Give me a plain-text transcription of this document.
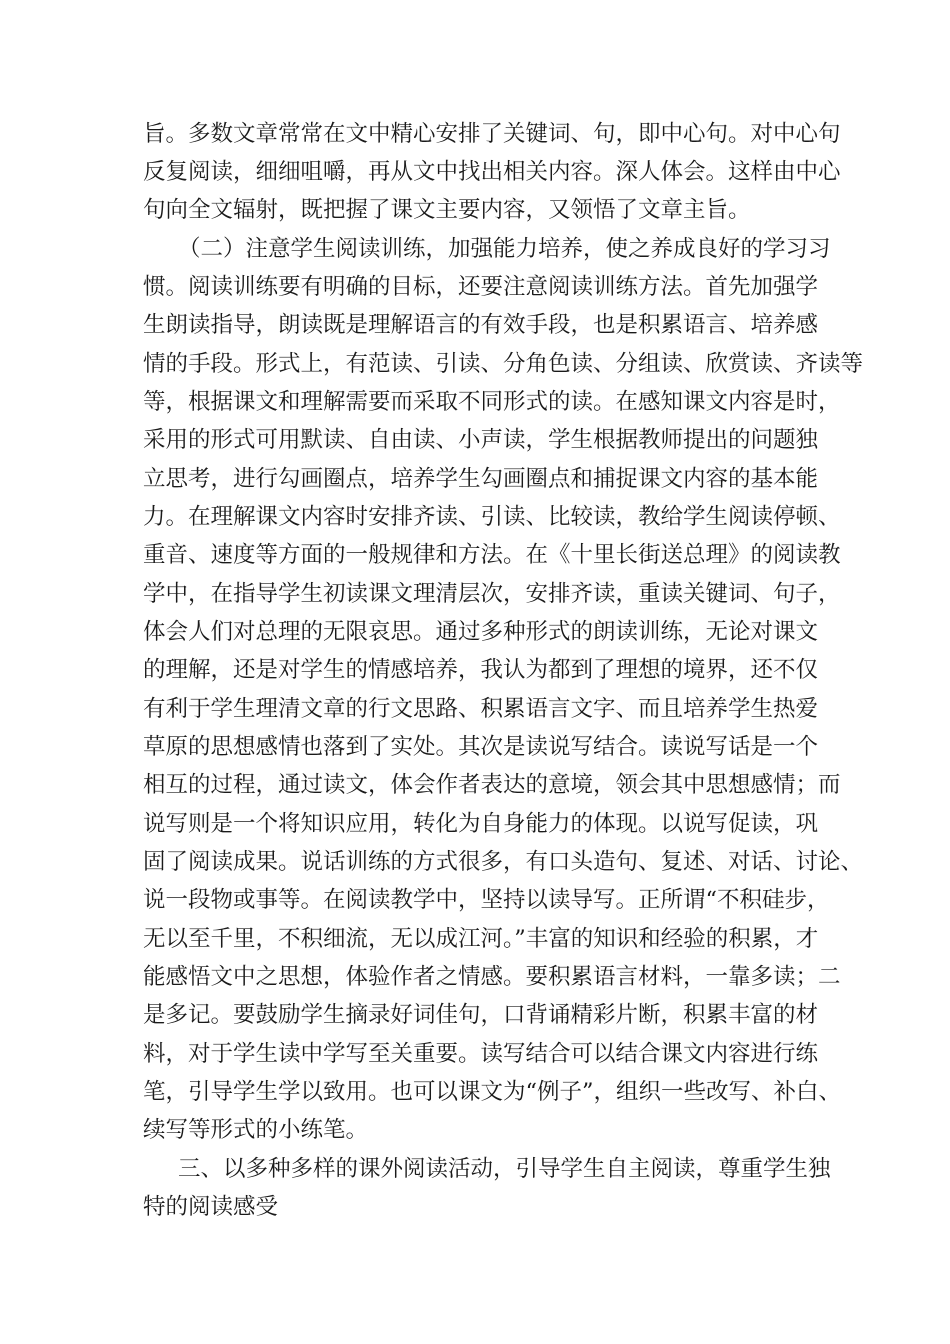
旨。多数文章常常在文中精心安排了关键词、句，即中心句。对中心句
反复阅读，细细咀嚼，再从文中找出相关内容。深人体会。这样由中心
句向全文辐射，既把握了课文主要内容，又领悟了文章主旨。
（二）注意学生阅读训练，加强能力培养，使之养成良好的学习习
惯。阅读训练要有明确的目标，还要注意阅读训练方法。首先加强学
生朗读指导，朗读既是理解语言的有效手段，也是积累语言、培养感
情的手段。形式上，有范读、引读、分角色读、分组读、欣赏读、齐读等
等，根据课文和理解需要而采取不同形式的读。在感知课文内容是时，
采用的形式可用默读、自由读、小声读，学生根据教师提出的问题独
立思考，进行勾画圈点，培养学生勾画圈点和捕捉课文内容的基本能
力。在理解课文内容时安排齐读、引读、比较读，教给学生阅读停顿、
重音、速度等方面的一般规律和方法。在《十里长街送总理》的阅读教
学中，在指导学生初读课文理清层次，安排齐读，重读关键词、句子，
体会人们对总理的无限哀思。通过多种形式的朗读训练，无论对课文
的理解，还是对学生的情感培养，我认为都到了理想的境界，还不仅
有利于学生理清文章的行文思路、积累语言文字、而且培养学生热爱
草原的思想感情也落到了实处。其次是读说写结合。读说写话是一个
相互的过程，通过读文，体会作者表达的意境，领会其中思想感情；而
说写则是一个将知识应用，转化为自身能力的体现。以说写促读，巩
固了阅读成果。说话训练的方式很多，有口头造句、复述、对话、讨论、
说一段物或事等。在阅读教学中，坚持以读导写。正所谓“不积硅步，
无以至千里，不积细流，无以成江河。”丰富的知识和经验的积累，才
能感悟文中之思想，体验作者之情感。要积累语言材料，一靠多读；二
是多记。要鼓励学生摘录好词佳句，口背诵精彩片断，积累丰富的材
料，对于学生读中学写至关重要。读写结合可以结合课文内容进行练
笔，引导学生学以致用。也可以课文为“例子”，组织一些改写、补白、
续写等形式的小练笔。
三、以多种多样的课外阅读活动，引导学生自主阅读，尊重学生独
特的阅读感受
